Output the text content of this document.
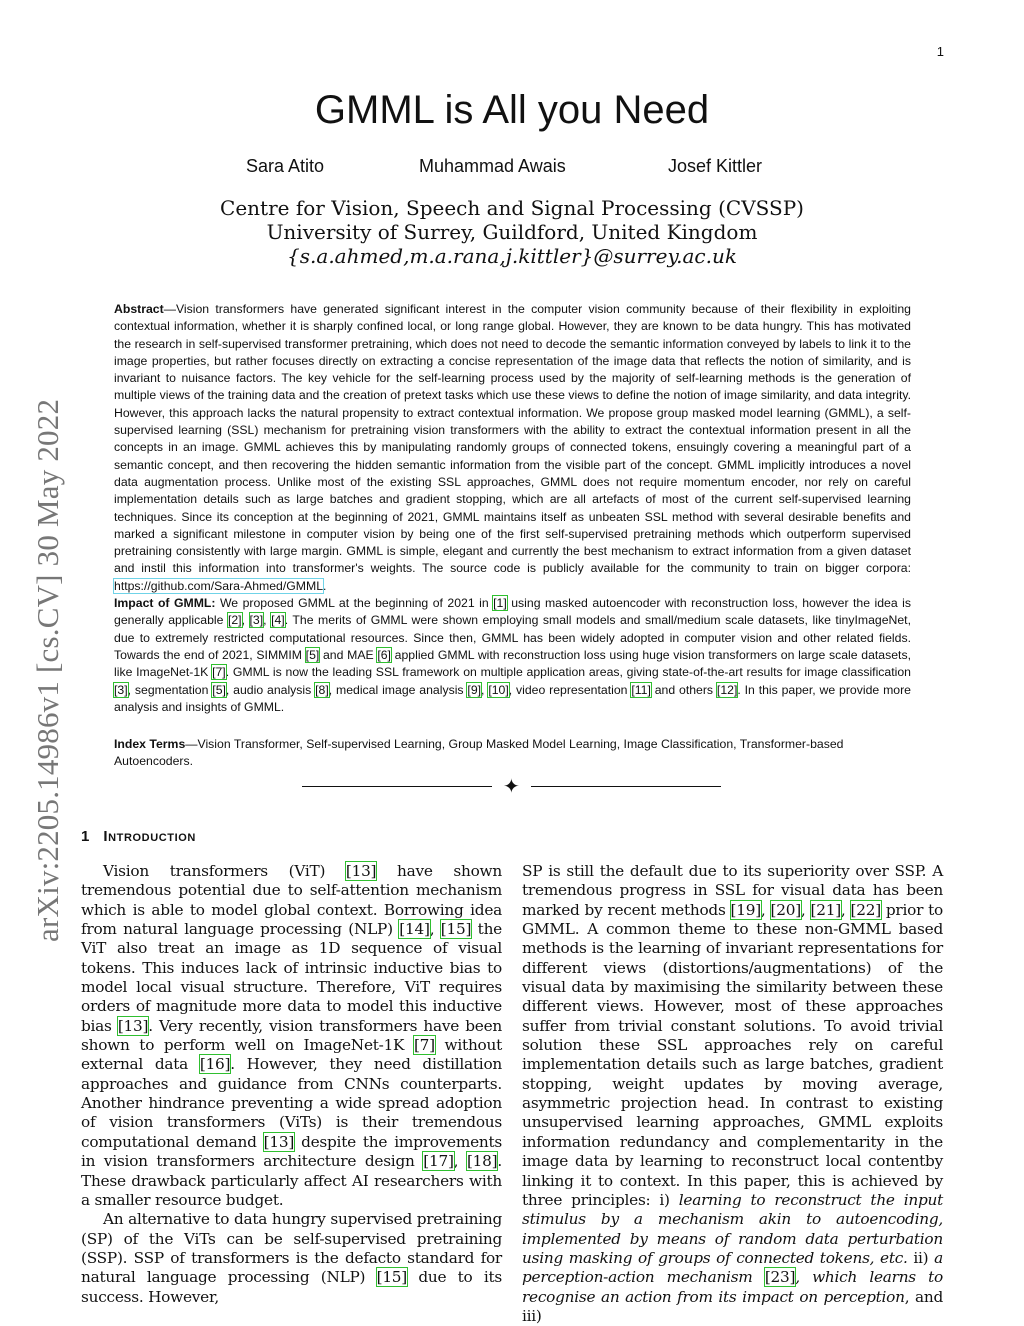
1
arXiv:2205.14986v1 [cs.CV] 30 May 2022
GMML is All you Need
Sara Atito	Muhammad Awais	Josef Kittler
Centre for Vision, Speech and Signal Processing (CVSSP)
University of Surrey, Guildford, United Kingdom
{s.a.ahmed,m.a.rana,j.kittler}@surrey.ac.uk

Abstract—Vision transformers have generated significant interest in the computer vision community because of their flexibility in exploiting contextual information, whether it is sharply confined local, or long range global. However, they are known to be data hungry. This has motivated the research in self-supervised transformer pretraining, which does not need to decode the semantic information conveyed by labels to link it to the image properties, but rather focuses directly on extracting a concise representation of the image data that reflects the notion of similarity, and is invariant to nuisance factors. The key vehicle for the self-learning process used by the majority of self-learning methods is the generation of multiple views of the training data and the creation of pretext tasks which use these views to define the notion of image similarity, and data integrity. However, this approach lacks the natural propensity to extract contextual information. We propose group masked model learning (GMML), a self-supervised learning (SSL) mechanism for pretraining vision transformers with the ability to extract the contextual information present in all the concepts in an image. GMML achieves this by manipulating randomly groups of connected tokens, ensuingly covering a meaningful part of a semantic concept, and then recovering the hidden semantic information from the visible part of the concept. GMML implicitly introduces a novel data augmentation process. Unlike most of the existing SSL approaches, GMML does not require momentum encoder, nor rely on careful implementation details such as large batches and gradient stopping, which are all artefacts of most of the current self-supervised learning techniques. Since its conception at the beginning of 2021, GMML maintains itself as unbeaten SSL method with several desirable benefits and marked a significant milestone in computer vision by being one of the first self-supervised pretraining methods which outperform supervised pretraining consistently with large margin. GMML is simple, elegant and currently the best mechanism to extract information from a given dataset and instil this information into transformer's weights. The source code is publicly available for the community to train on bigger corpora: https://github.com/Sara-Ahmed/GMML.

Impact of GMML: We proposed GMML at the beginning of 2021 in [1] using masked autoencoder with reconstruction loss, however the idea is generally applicable [2], [3], [4]. The merits of GMML were shown employing small models and small/medium scale datasets, like tinyImageNet, due to extremely restricted computational resources. Since then, GMML has been widely adopted in computer vision and other related fields. Towards the end of 2021, SIMMIM [5] and MAE [6] applied GMML with reconstruction loss using huge vision transformers on large scale datasets, like ImageNet-1K [7]. GMML is now the leading SSL framework on multiple application areas, giving state-of-the-art results for image classification [3], segmentation [5], audio analysis [8], medical image analysis [9], [10], video representation [11] and others [12]. In this paper, we provide more analysis and insights of GMML.

Index Terms—Vision Transformer, Self-supervised Learning, Group Masked Model Learning, Image Classification, Transformer-based Autoencoders.
✦
1 Introduction

Vision transformers (ViT) [13] have shown tremendous potential due to self-attention mechanism which is able to model global context. Borrowing idea from natural language processing (NLP) [14], [15] the ViT also treat an image as 1D sequence of visual tokens. This induces lack of intrinsic inductive bias to model local visual structure. Therefore, ViT requires orders of magnitude more data to model this inductive bias [13]. Very recently, vision transformers have been shown to perform well on ImageNet-1K [7] without external data [16]. However, they need distillation approaches and guidance from CNNs counterparts. Another hindrance preventing a wide spread adoption of vision transformers (ViTs) is their tremendous computational demand [13] despite the improvements in vision transformers architecture design [17], [18]. These drawback particularly affect AI researchers with a smaller resource budget.

An alternative to data hungry supervised pretraining (SP) of the ViTs can be self-supervised pretraining (SSP). SSP of transformers is the defacto standard for natural language processing (NLP) [15] due to its success. However,

SP is still the default due to its superiority over SSP. A tremendous progress in SSL for visual data has been marked by recent methods [19], [20], [21], [22] prior to GMML. A common theme to these non-GMML based methods is the learning of invariant representations for different views (distortions/augmentations) of the visual data by maximising the similarity between these different views. However, most of these approaches suffer from trivial constant solutions. To avoid trivial solution these SSL approaches rely on careful implementation details such as large batches, gradient stopping, weight updates by moving average, asymmetric projection head. In contrast to existing unsupervised learning approaches, GMML exploits information redundancy and complementarity in the image data by learning to reconstruct local contentby linking it to context. In this paper, this is achieved by three principles: i) learning to reconstruct the input stimulus by a mechanism akin to autoencoding, implemented by means of random data perturbation using masking of groups of connected tokens, etc. ii) a perception-action mechanism [23], which learns to recognise an action from its impact on perception, and iii)
